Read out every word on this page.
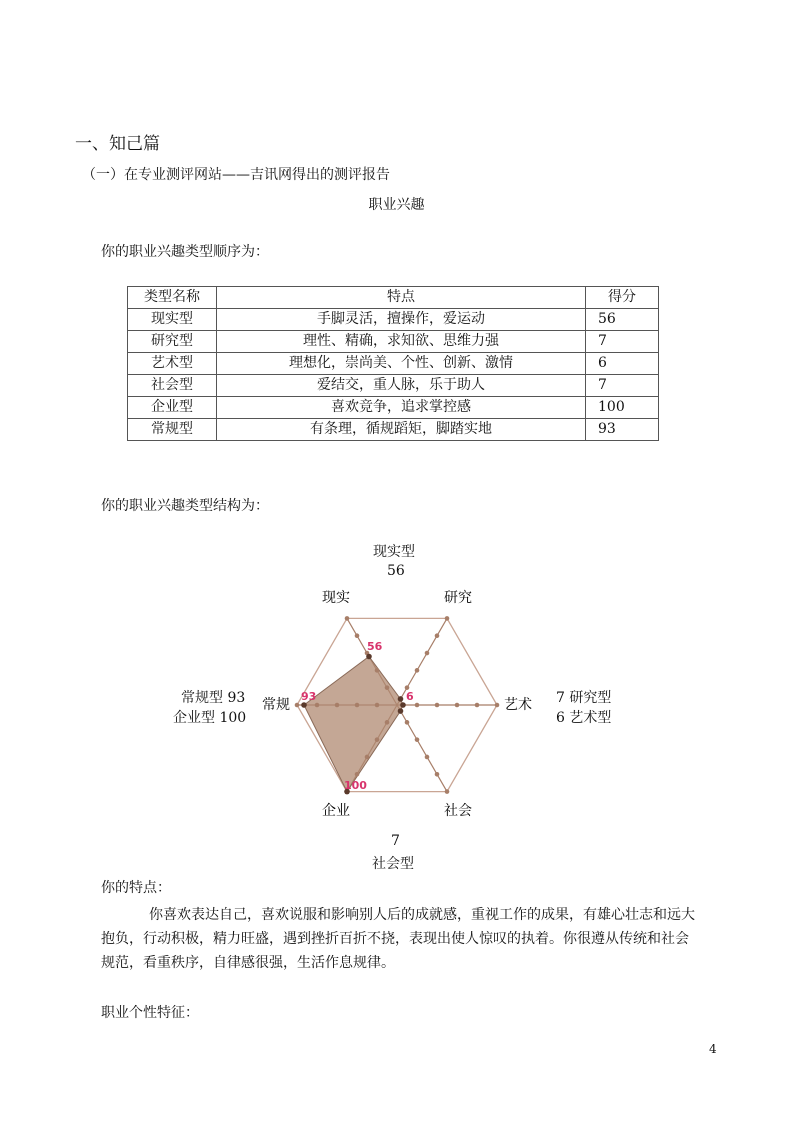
一、知己篇
（一）在专业测评网站——吉讯网得出的测评报告
职业兴趣
你的职业兴趣类型顺序为：
类型名称	特点	得分
现实型	手脚灵活，擅操作，爱运动	56
研究型	理性、精确，求知欲、思维力强	7
艺术型	理想化，崇尚美、个性、创新、激情	6
社会型	爱结交，重人脉，乐于助人	7
企业型	喜欢竞争，追求掌控感	100
常规型	有条理，循规蹈矩，脚踏实地	93
你的职业兴趣类型结构为：
现实型
56
7 研究型
6 艺术型
常规型 93
企业型 100
7
社会型
现实	研究
艺术
社会
企业
常规
56
6
93
100
你的特点：
你喜欢表达自己，喜欢说服和影响别人后的成就感，重视工作的成果，有雄心壮志和远大抱负，行动积极，精力旺盛，遇到挫折百折不挠，表现出使人惊叹的执着。你很遵从传统和社会规范，看重秩序，自律感很强，生活作息规律。
职业个性特征：
4
